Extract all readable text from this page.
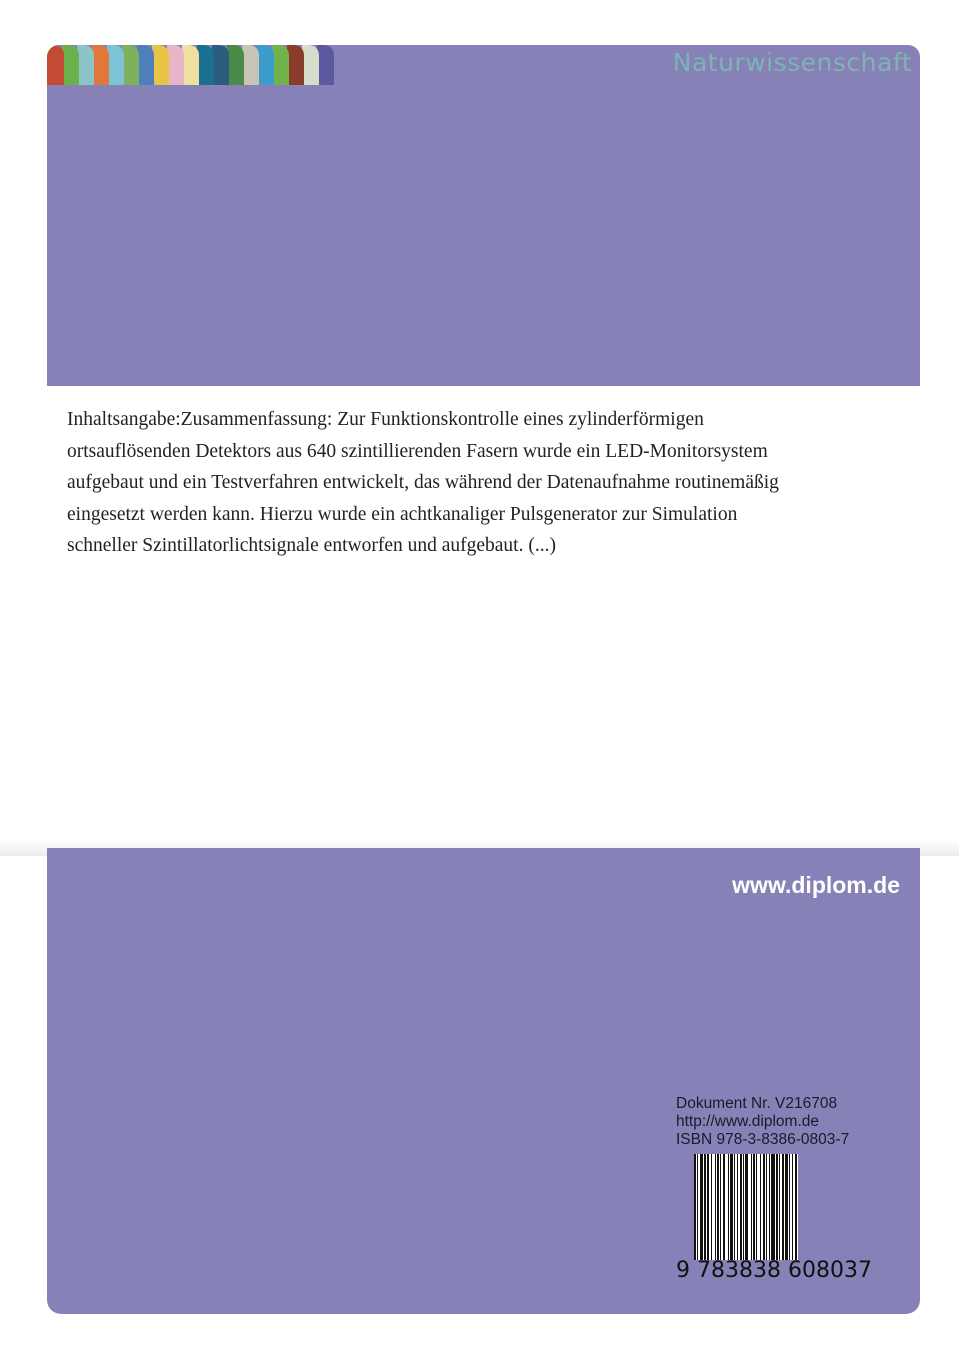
Naturwissenschaft

Inhaltsangabe:Zusammenfassung: Zur Funktionskontrolle eines zylinderförmigen ortsauflösenden Detektors aus 640 szintillierenden Fasern wurde ein LED-Monitorsystem aufgebaut und ein Testverfahren entwickelt, das während der Datenaufnahme routinemäßig eingesetzt werden kann. Hierzu wurde ein achtkanaliger Pulsgenerator zur Simulation schneller Szintillatorlichtsignale entworfen und aufgebaut. (...)

www.diplom.de
Dokument Nr. V216708
http://www.diplom.de
ISBN 978-3-8386-0803-7
9 783838 608037
